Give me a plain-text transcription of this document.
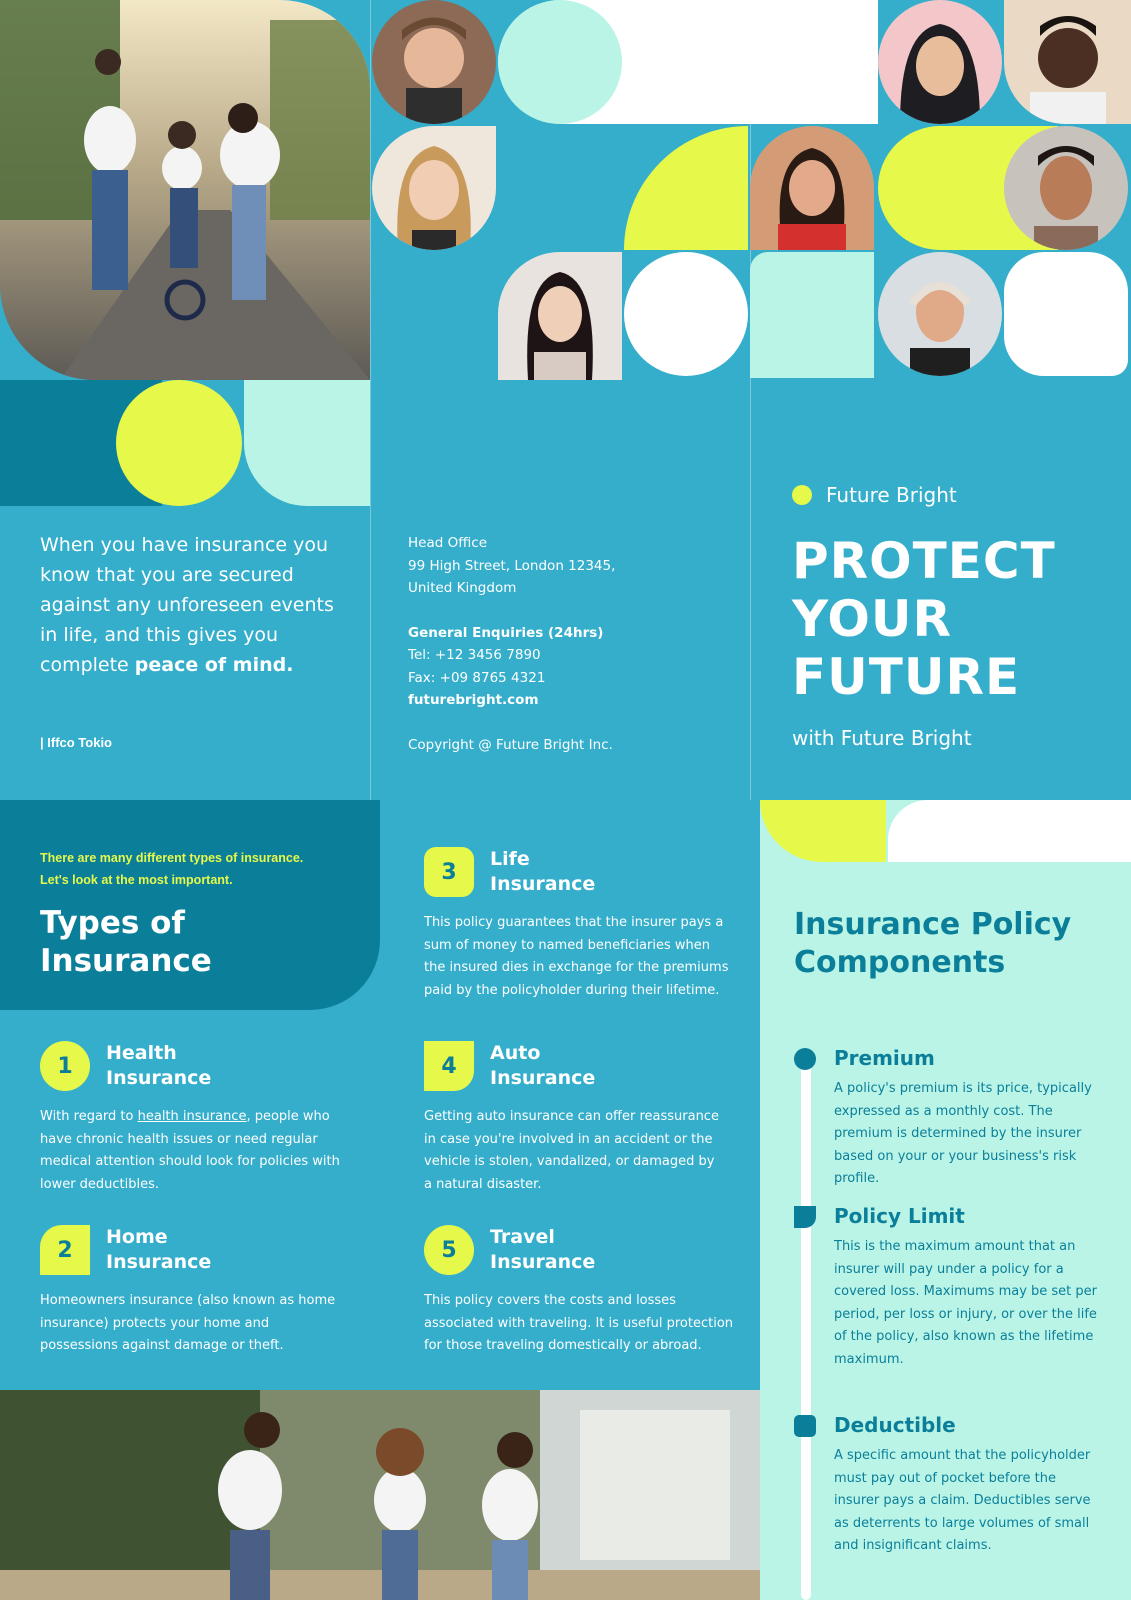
When you have insurance you know that you are secured against any unforeseen events in life, and this gives you complete peace of mind.
| Iffco Tokio
Head Office
99 High Street, London 12345,
United Kingdom
General Enquiries (24hrs)
Tel: +12 3456 7890
Fax: +09 8765 4321
futurebright.com
Copyright @ Future Bright Inc.
Future Bright
PROTECT
YOUR
FUTURE
with Future Bright
There are many different types of insurance.
Let's look at the most important.
Types of
Insurance
1
Health
Insurance
With regard to health insurance, people who have chronic health issues or need regular medical attention should look for policies with lower deductibles.
2
Home
Insurance
Homeowners insurance (also known as home insurance) protects your home and possessions against damage or theft.
3
Life
Insurance
This policy guarantees that the insurer pays a sum of money to named beneficiaries when the insured dies in exchange for the premiums paid by the policyholder during their lifetime.
4
Auto
Insurance
Getting auto insurance can offer reassurance in case you're involved in an accident or the vehicle is stolen, vandalized, or damaged by a natural disaster.
5
Travel
Insurance
This policy covers the costs and losses associated with traveling. It is useful protection for those traveling domestically or abroad.
Insurance Policy
Components
Premium
A policy's premium is its price, typically expressed as a monthly cost. The premium is determined by the insurer based on your or your business's risk profile.
Policy Limit
This is the maximum amount that an insurer will pay under a policy for a covered loss. Maximums may be set per period, per loss or injury, or over the life of the policy, also known as the lifetime maximum.
Deductible
A specific amount that the policyholder must pay out of pocket before the insurer pays a claim. Deductibles serve as deterrents to large volumes of small and insignificant claims.
